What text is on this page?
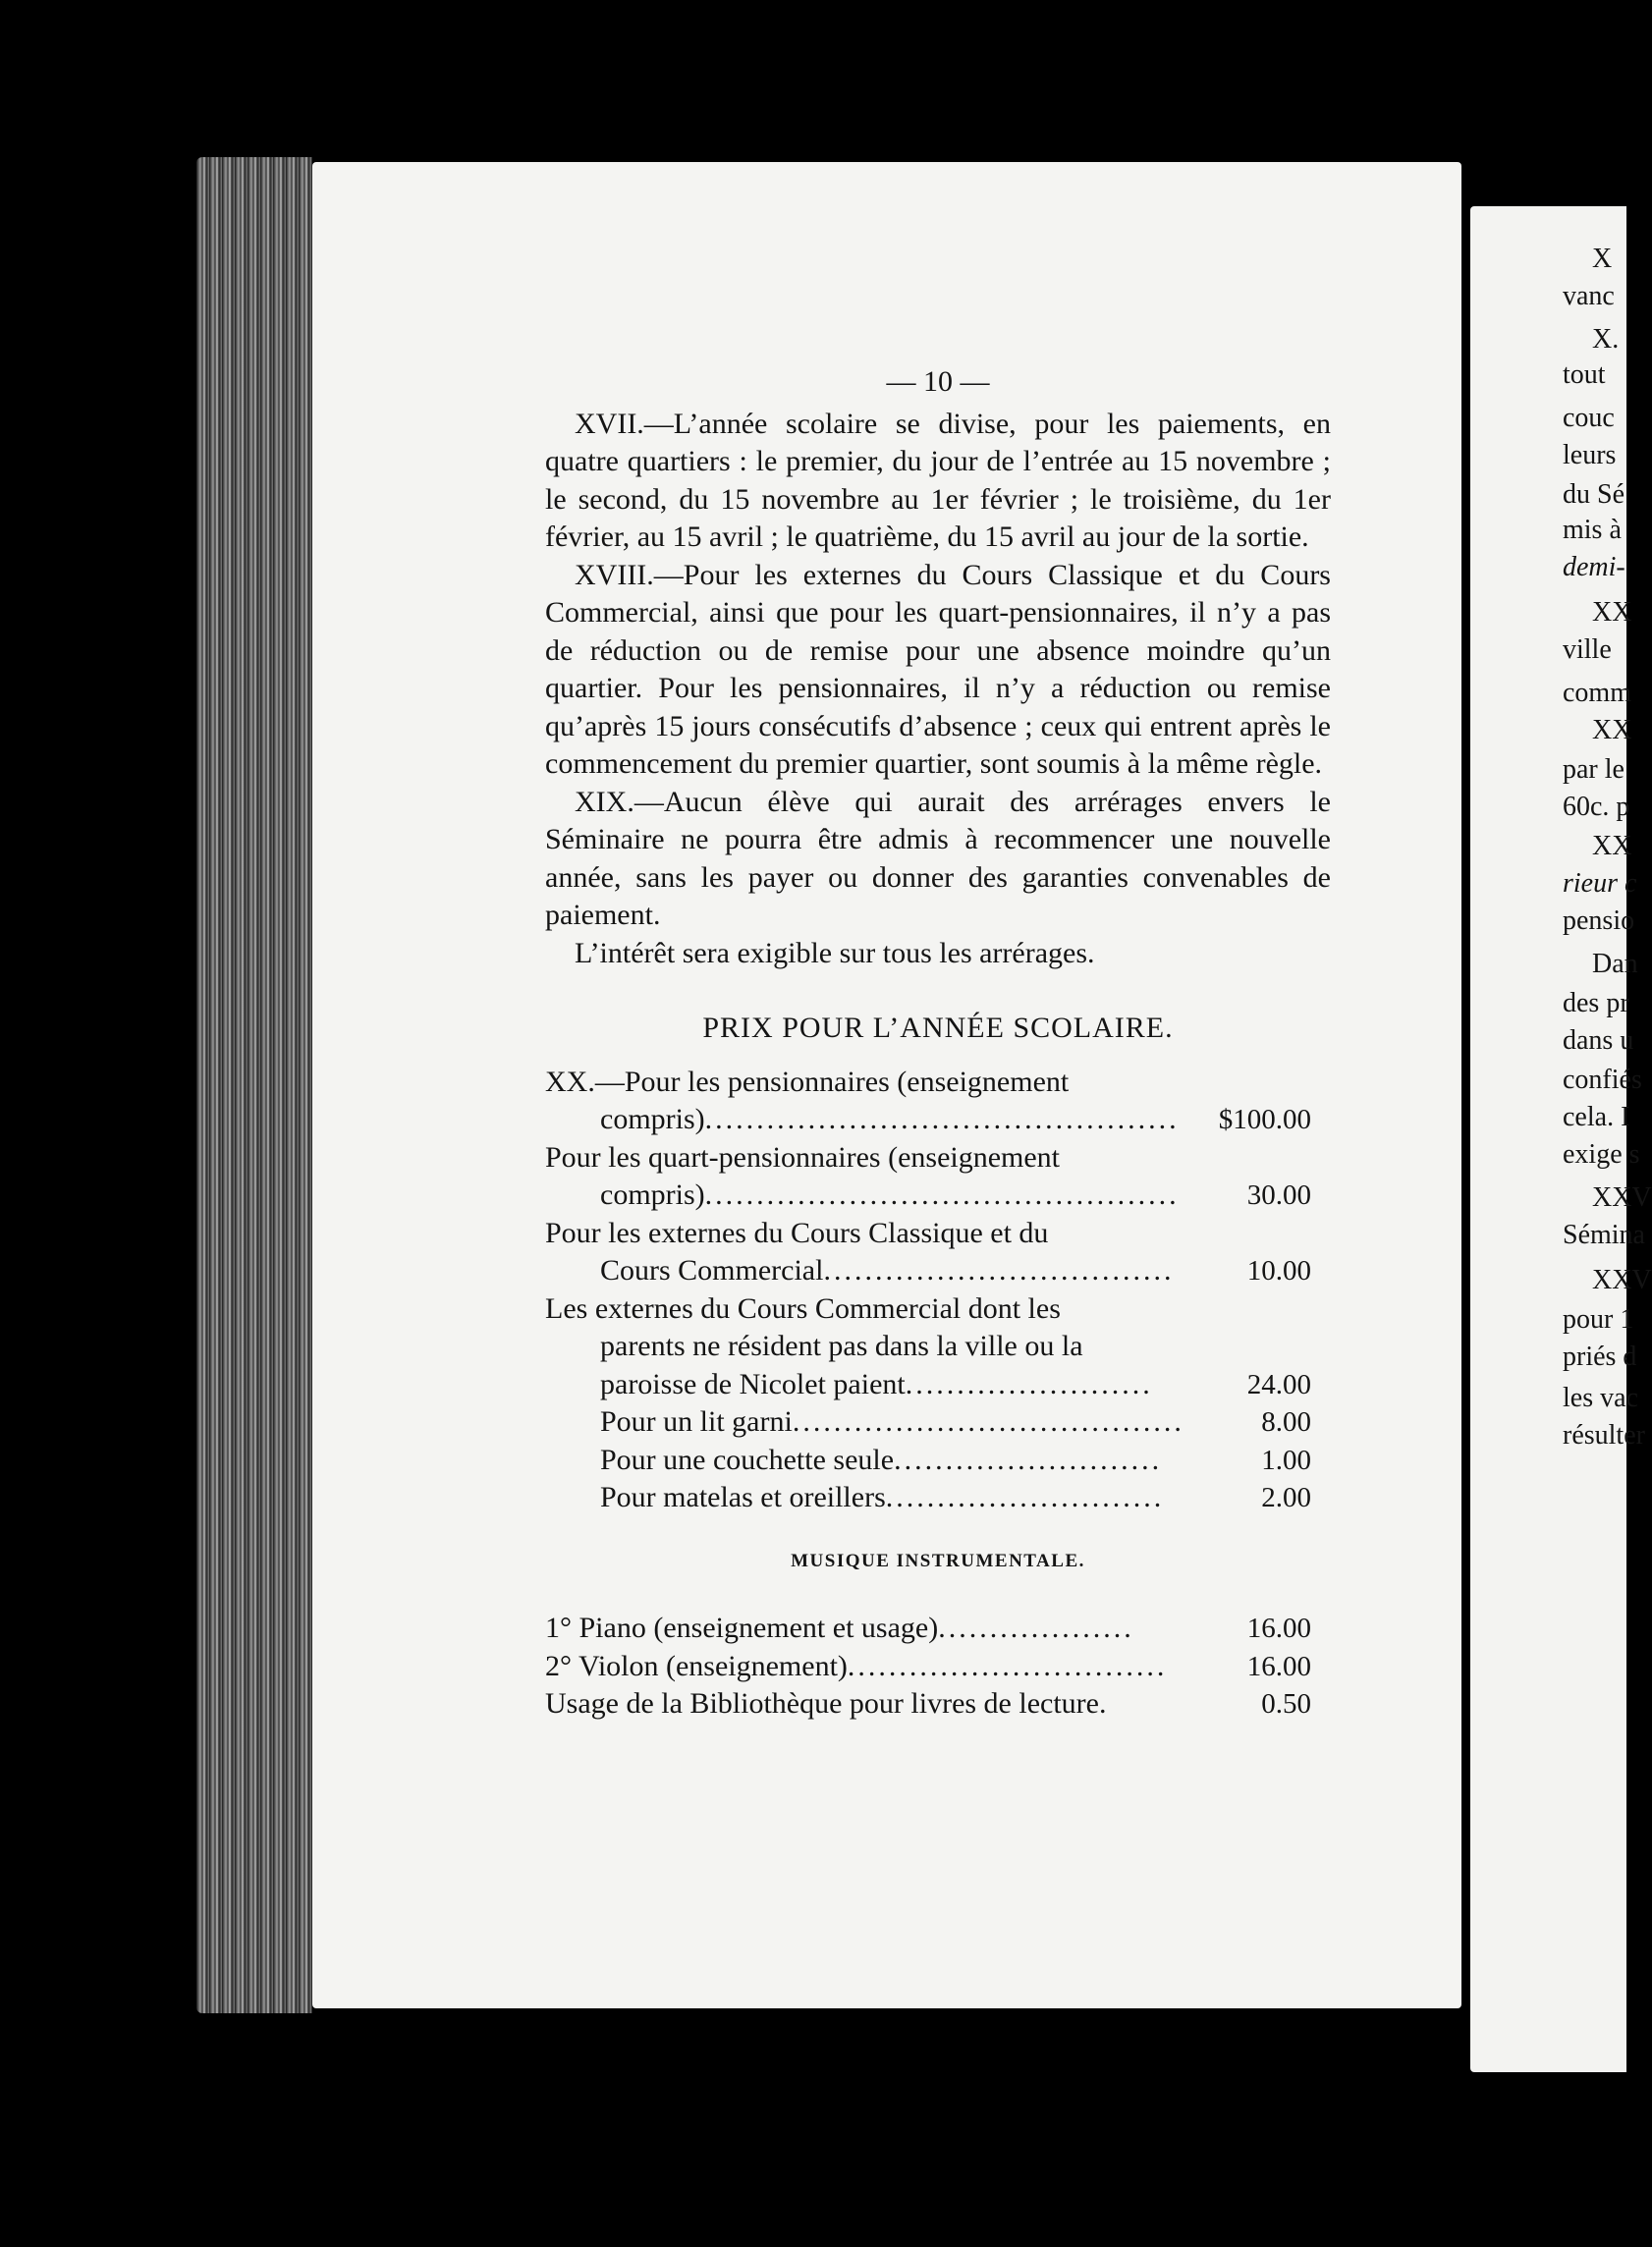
X
vanc
X.
tout
couc
leurs
du Sé
mis à
demi-
XX
ville
comm
XX
par le
60c. p
XX
rieur c
pensio
Dan
des pr
dans u
confiés
cela. I
exige s
XXV
Sémina
XXV
pour 1
priés d
les vac
résulter
— 10 —

XVII.—L’année scolaire se divise, pour les paiements, en quatre quartiers : le premier, du jour de l’entrée au 15 novembre ; le second, du 15 novembre au 1er février ; le troisième, du 1er février, au 15 avril ; le quatrième, du 15 avril au jour de la sortie.

XVIII.—Pour les externes du Cours Classique et du Cours Commercial, ainsi que pour les quart-pensionnaires, il n’y a pas de réduction ou de remise pour une absence moindre qu’un quartier. Pour les pensionnaires, il n’y a réduction ou remise qu’après 15 jours consécutifs d’absence ; ceux qui entrent après le commencement du premier quartier, sont soumis à la même règle.

XIX.—Aucun élève qui aurait des arrérages envers le Séminaire ne pourra être admis à recommencer une nouvelle année, sans les payer ou donner des garanties convenables de paiement.

L’intérêt sera exigible sur tous les arrérages.

PRIX POUR L’ANNÉE SCOLAIRE.
XX.—Pour les pensionnaires (enseignement
compris)..............................................	$100.00
Pour les quart-pensionnaires (enseignement
compris)..............................................	30.00
Pour les externes du Cours Classique et du
Cours Commercial..................................	10.00
Les externes du Cours Commercial dont les
parents ne résident pas dans la ville ou la
paroisse de Nicolet paient........................	24.00
Pour un lit garni......................................	8.00
Pour une couchette seule..........................	1.00
Pour matelas et oreillers...........................	2.00
MUSIQUE INSTRUMENTALE.
1° Piano (enseignement et usage)...................	16.00
2° Violon (enseignement)...............................	16.00
Usage de la Bibliothèque pour livres de lecture.	0.50
